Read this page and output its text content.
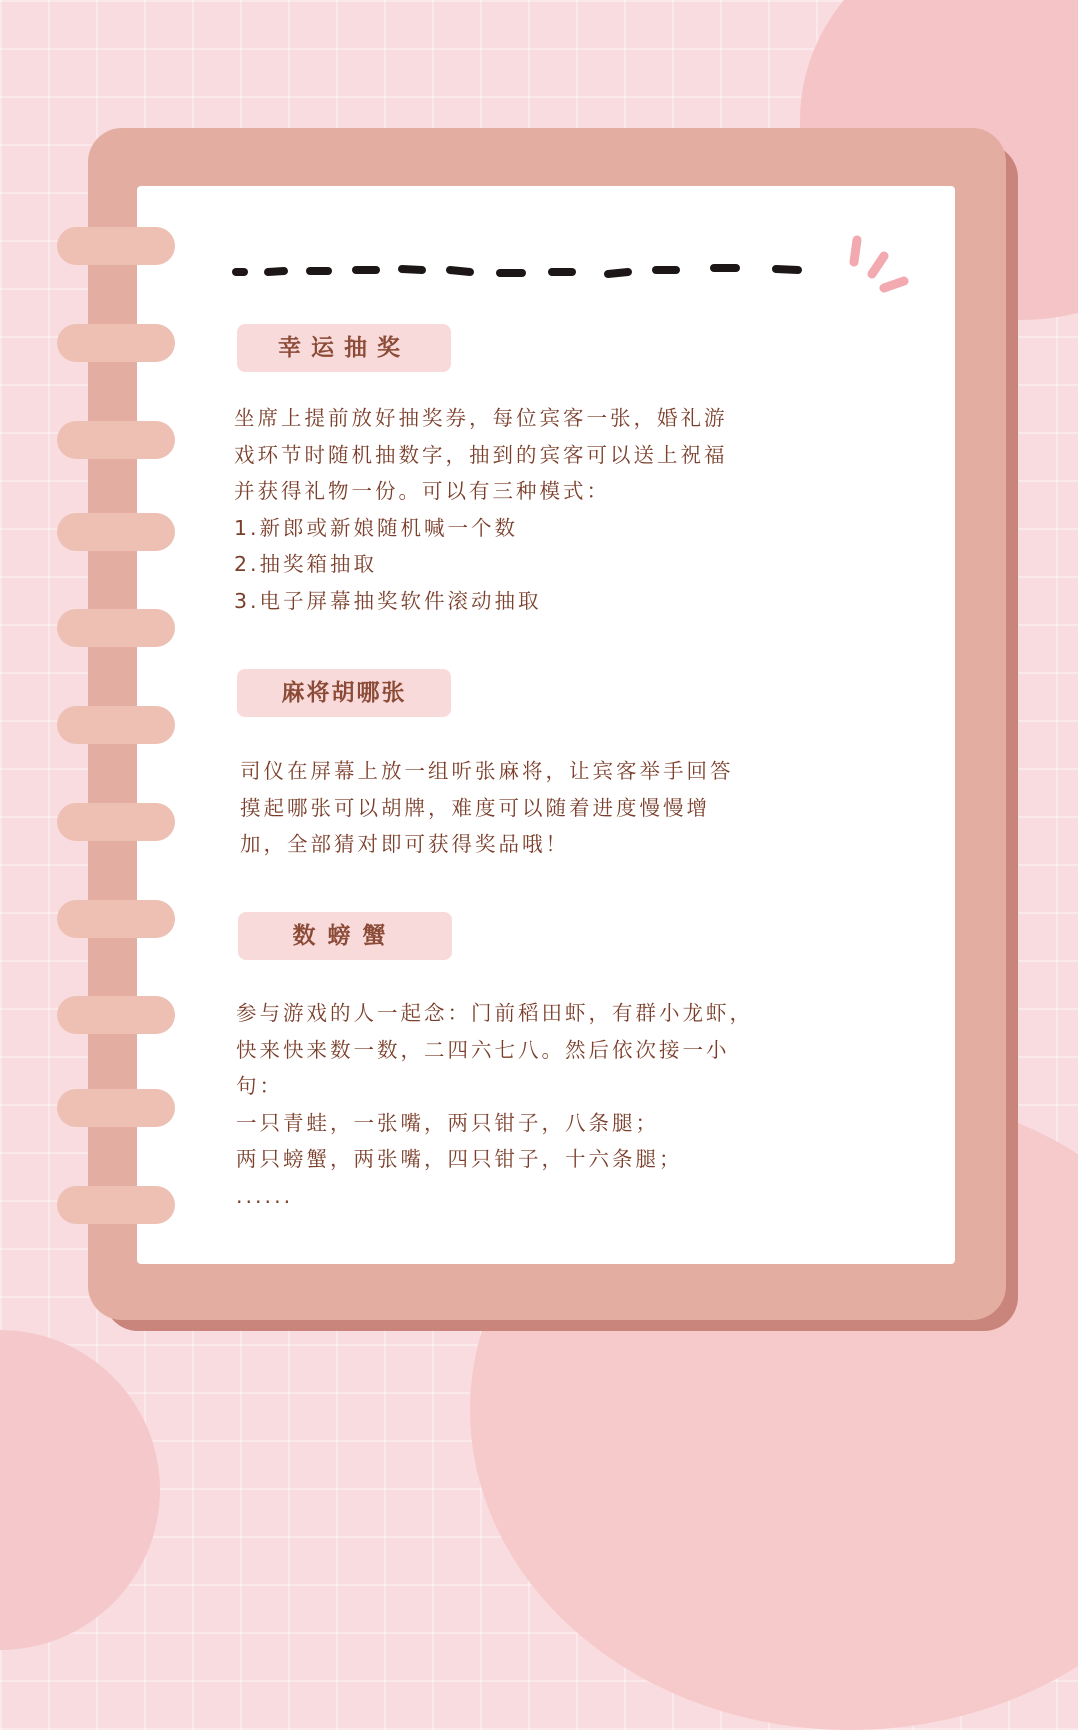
幸运抽奖
坐席上提前放好抽奖券，每位宾客一张，婚礼游
戏环节时随机抽数字，抽到的宾客可以送上祝福
并获得礼物一份。可以有三种模式：
1.新郎或新娘随机喊一个数
2.抽奖箱抽取
3.电子屏幕抽奖软件滚动抽取
麻将胡哪张
司仪在屏幕上放一组听张麻将，让宾客举手回答
摸起哪张可以胡牌，难度可以随着进度慢慢增
加，全部猜对即可获得奖品哦！
数螃蟹
参与游戏的人一起念：门前稻田虾，有群小龙虾，
快来快来数一数，二四六七八。然后依次接一小
句：
一只青蛙，一张嘴，两只钳子，八条腿；
两只螃蟹，两张嘴，四只钳子，十六条腿；
......
